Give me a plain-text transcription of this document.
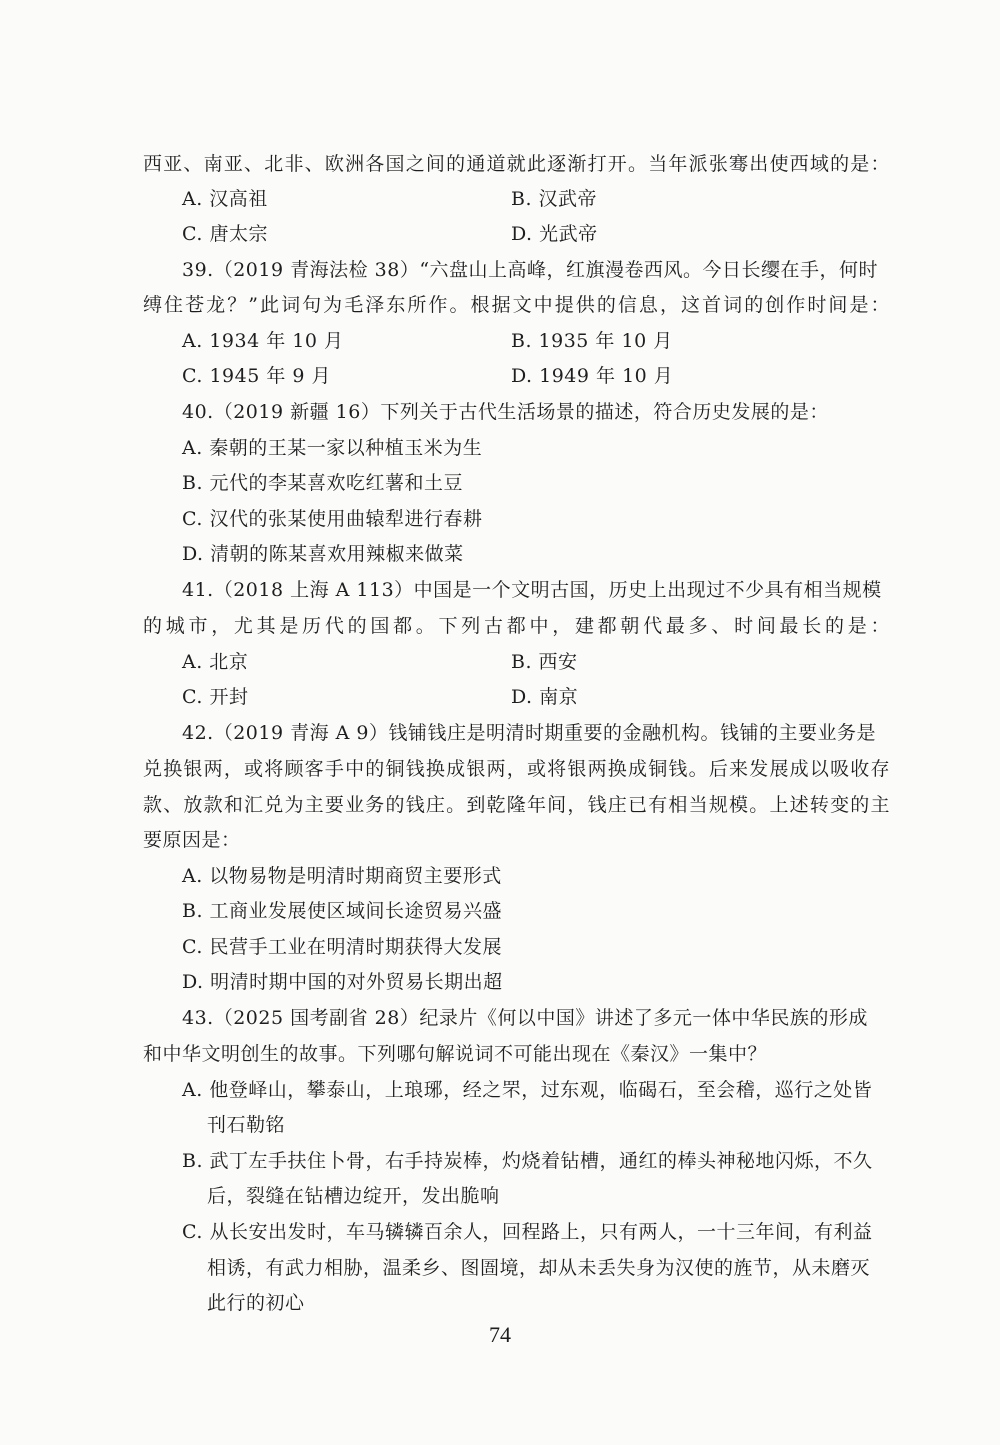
西亚、南亚、北非、欧洲各国之间的通道就此逐渐打开。当年派张骞出使西域的是：
A. 汉高祖	B. 汉武帝
C. 唐太宗	D. 光武帝
39.（2019 青海法检 38）“六盘山上高峰，红旗漫卷西风。今日长缨在手，何时
缚住苍龙？”此词句为毛泽东所作。根据文中提供的信息，这首词的创作时间是：
A. 1934 年 10 月	B. 1935 年 10 月
C. 1945 年 9 月	D. 1949 年 10 月
40.（2019 新疆 16）下列关于古代生活场景的描述，符合历史发展的是：
A. 秦朝的王某一家以种植玉米为生
B. 元代的李某喜欢吃红薯和土豆
C. 汉代的张某使用曲辕犁进行春耕
D. 清朝的陈某喜欢用辣椒来做菜
41.（2018 上海 A 113）中国是一个文明古国，历史上出现过不少具有相当规模
的城市，尤其是历代的国都。下列古都中，建都朝代最多、时间最长的是：
A. 北京	B. 西安
C. 开封	D. 南京
42.（2019 青海 A 9）钱铺钱庄是明清时期重要的金融机构。钱铺的主要业务是
兑换银两，或将顾客手中的铜钱换成银两，或将银两换成铜钱。后来发展成以吸收存
款、放款和汇兑为主要业务的钱庄。到乾隆年间，钱庄已有相当规模。上述转变的主
要原因是：
A. 以物易物是明清时期商贸主要形式
B. 工商业发展使区域间长途贸易兴盛
C. 民营手工业在明清时期获得大发展
D. 明清时期中国的对外贸易长期出超
43.（2025 国考副省 28）纪录片《何以中国》讲述了多元一体中华民族的形成
和中华文明创生的故事。下列哪句解说词不可能出现在《秦汉》一集中？
A. 他登峄山，攀泰山，上琅琊，经之罘，过东观，临碣石，至会稽，巡行之处皆
刊石勒铭
B. 武丁左手扶住卜骨，右手持炭棒，灼烧着钻槽，通红的棒头神秘地闪烁，不久
后，裂缝在钻槽边绽开，发出脆响
C. 从长安出发时，车马辚辚百余人，回程路上，只有两人，一十三年间，有利益
相诱，有武力相胁，温柔乡、图圄境，却从未丢失身为汉使的旌节，从未磨灭
此行的初心
74
